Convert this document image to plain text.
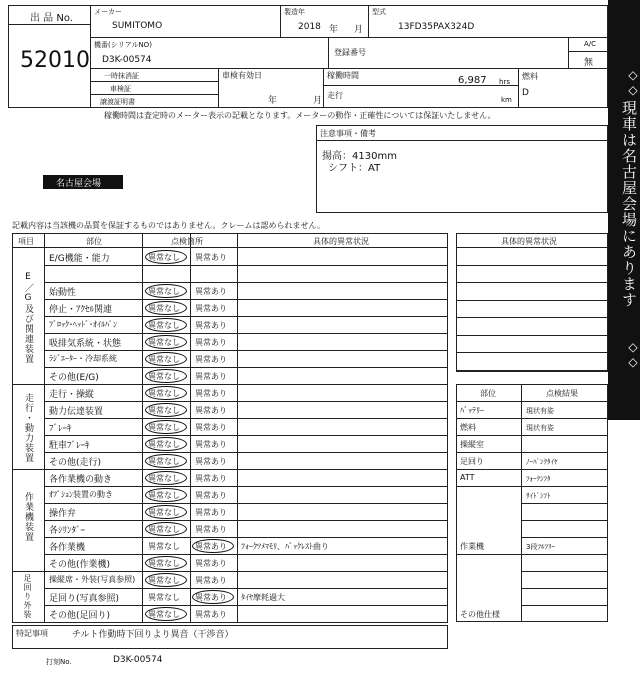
出 品 No.
52010
メーカー
SUMITOMO
製造年
2018 年 月
型式
13FD35PAX324D
機番(シリアルNO)
D3K-00574
登録番号
A/C
無
一時抹消証
車検証
譲渡証明書
車検有効日
年	月
稼働時間	6,987 hrs
走行	km
燃料
D
稼働時間は査定時のメーター表示の記載となります。メーターの動作・正確性については保証いたしません。
注意事項・備考
揚高：4130mm
シフト：AT
名古屋会場
記載内容は当該機の品質を保証するものではありません。クレームは認められません。
◇◇
現車は名古屋会場にあります
◇◇
項目	部位	点検箇所	具体的異常状況
E／G及び関連装置
走行・動力装置
作業機装置
足回り外装
E/G機能・能力	異常なし 異常あり
始動性	異常なし 異常あり
停止・ｱｸｾﾙ関連	異常なし 異常あり
ﾌﾞﾛｯｸ･ﾍｯﾄﾞ･ｵｲﾙﾊﾟﾝ	異常なし 異常あり
吸排気系統・状態	異常なし 異常あり
ﾗｼﾞｴｰﾀｰ・冷却系統	異常なし 異常あり
その他(E/G)	異常なし 異常あり
走行・操縦	異常なし 異常あり
動力伝達装置	異常なし 異常あり
ﾌﾞﾚｰｷ	異常なし 異常あり
駐車ﾌﾞﾚｰｷ	異常なし 異常あり
その他(走行)	異常なし 異常あり
各作業機の動き	異常なし 異常あり
ｵﾌﾟｼｮﾝ装置の動き	異常なし 異常あり
操作弁	異常なし 異常あり
各ｼﾘﾝﾀﾞｰ	異常なし 異常あり
各作業機	異常なし 異常あり ﾌｫｰｸﾂﾒﾏﾓﾘ、ﾊﾞｯｸﾚｽﾄ曲り
その他(作業機)	異常なし 異常あり
操縦席・外装(写真参照) 異常なし 異常あり
足回り(写真参照)	異常なし 異常あり ﾀｲﾔ摩耗過大
その他(足回り)	異常なし 異常あり
特記事項	チルト作動時下回りより異音（干渉音）
打刻No.	D3K-00574
具体的異常状況
部位	点検結果
ﾊﾞｯﾃﾘｰ	現状有姿
燃料	現状有姿
操縦室
足回り	ﾉｰﾊﾟﾝｸﾀｲﾔ
ATT	ﾌｫｰｸｼﾌﾀ
ｻｲﾄﾞｼﾌﾄ
作業機	3段ﾌﾙﾌﾘｰ
その他仕様
